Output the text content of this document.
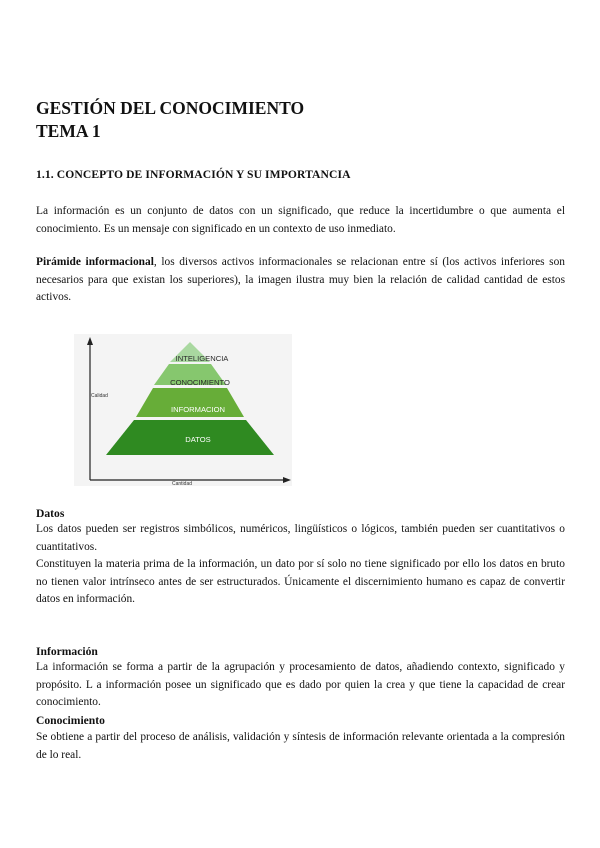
GESTIÓN DEL CONOCIMIENTO
TEMA 1
1.1. CONCEPTO DE INFORMACIÓN Y SU IMPORTANCIA

La información es un conjunto de datos con un significado, que reduce la incertidumbre o que aumenta el conocimiento. Es un mensaje con significado en un contexto de uso inmediato.

Pirámide informacional, los diversos activos informacionales se relacionan entre sí (los activos inferiores son necesarios para que existan los superiores), la imagen ilustra muy bien la relación de calidad cantidad de estos activos.

INTELIGENCIA
CONOCIMIENTO
INFORMACION
DATOS
Calidad
Cantidad
Datos

Los datos pueden ser registros simbólicos, numéricos, lingüísticos o lógicos, también pueden ser cuantitativos o cuantitativos.

Constituyen la materia prima de la información, un dato por sí solo no tiene significado por ello los datos en bruto no tienen valor intrínseco antes de ser estructurados. Únicamente el discernimiento humano es capaz de convertir datos en información.

Información

La información se forma a partir de la agrupación y procesamiento de datos, añadiendo contexto, significado y propósito. L a información posee un significado que es dado por quien la crea y que tiene la capacidad de crear conocimiento.

Conocimiento

Se obtiene a partir del proceso de análisis, validación y síntesis de información relevante orientada a la compresión de lo real.
